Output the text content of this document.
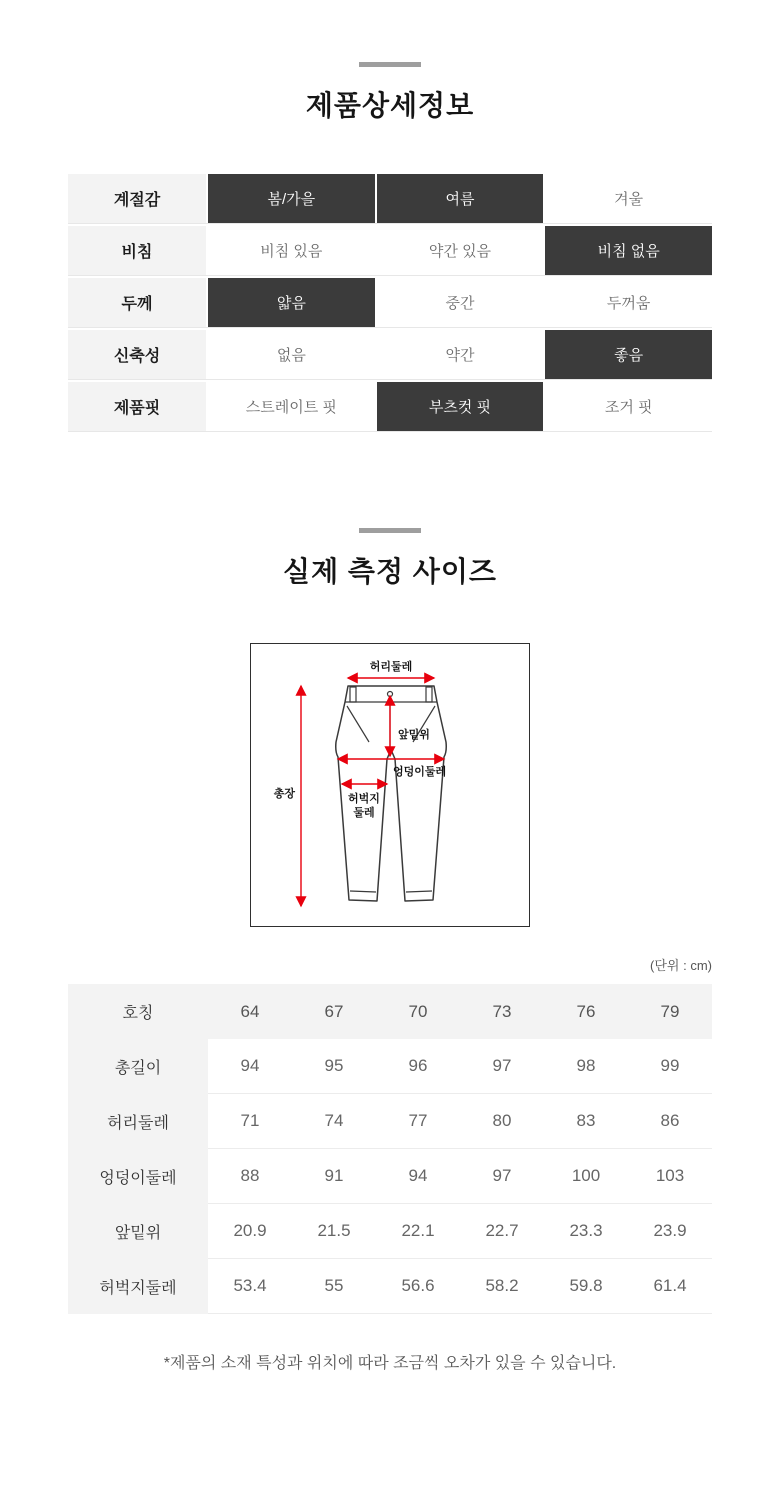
제품상세정보
계절감	봄/가을	여름	겨울
비침	비침 있음	약간 있음	비침 없음
두께	얇음	중간	두꺼움
신축성	없음	약간	좋음
제품핏	스트레이트 핏	부츠컷 핏	조거 핏
실제 측정 사이즈
허리둘레
총장
앞밑위
엉덩이둘레
허벅지
둘레
(단위 : cm)
호칭	64	67	70	73	76	79
총길이	94	95	96	97	98	99
허리둘레	71	74	77	80	83	86
엉덩이둘레	88	91	94	97	100	103
앞밑위	20.9	21.5	22.1	22.7	23.3	23.9
허벅지둘레	53.4	55	56.6	58.2	59.8	61.4
*제품의 소재 특성과 위치에 따라 조금씩 오차가 있을 수 있습니다.
